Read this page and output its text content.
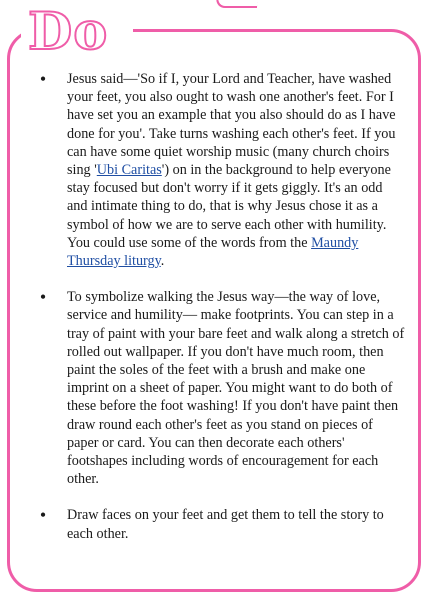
Do
•	Jesus said—'So if I, your Lord and Teacher, have washed your feet, you also ought to wash one another's feet. For I have set you an example that you also should do as I have done for you'. Take turns washing each other's feet. If you can have some quiet worship music (many church choirs sing 'Ubi Caritas') on in the background to help everyone stay focused but don't worry if it gets giggly. It's an odd and intimate thing to do, that is why Jesus chose it as a symbol of how we are to serve each other with humility. You could use some of the words from the Maundy Thursday liturgy.
•	To symbolize walking the Jesus way—the way of love, service and humility— make footprints. You can step in a tray of paint with your bare feet and walk along a stretch of rolled out wallpaper. If you don't have much room, then paint the soles of the feet with a brush and make one imprint on a sheet of paper. You might want to do both of these before the foot washing! If you don't have paint then draw round each other's feet as you stand on pieces of paper or card. You can then decorate each others' footshapes including words of encouragement for each other.
•	Draw faces on your feet and get them to tell the story to each other.
